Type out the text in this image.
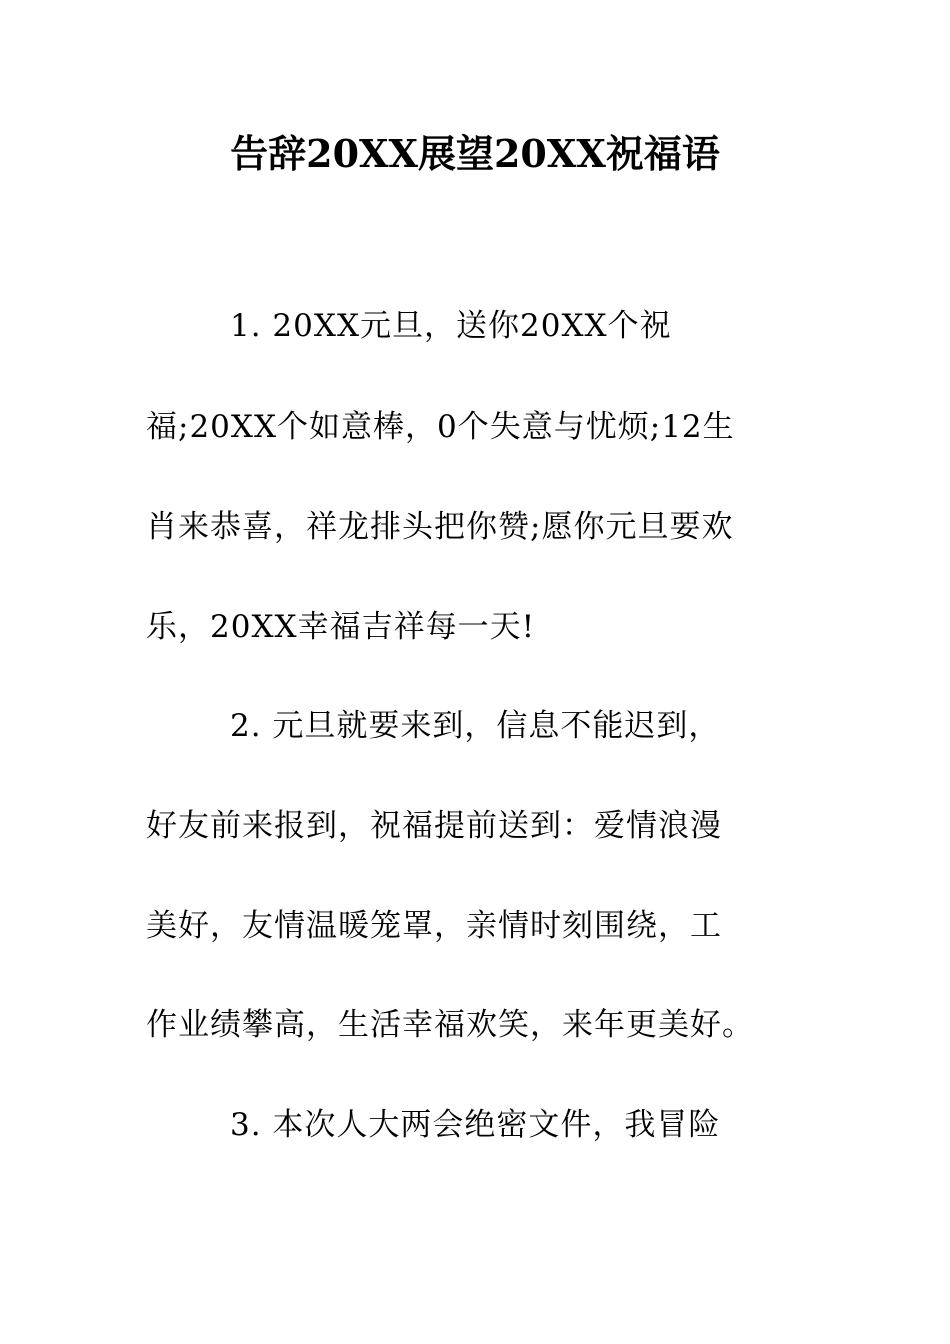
告辞20XX展望20XX祝福语
1. 20XX元旦，送你20XX个祝
福;20XX个如意棒，0个失意与忧烦;12生
肖来恭喜，祥龙排头把你赞;愿你元旦要欢
乐，20XX幸福吉祥每一天!
2. 元旦就要来到，信息不能迟到，
好友前来报到，祝福提前送到：爱情浪漫
美好，友情温暖笼罩，亲情时刻围绕，工
作业绩攀高，生活幸福欢笑，来年更美好。
3. 本次人大两会绝密文件，我冒险
